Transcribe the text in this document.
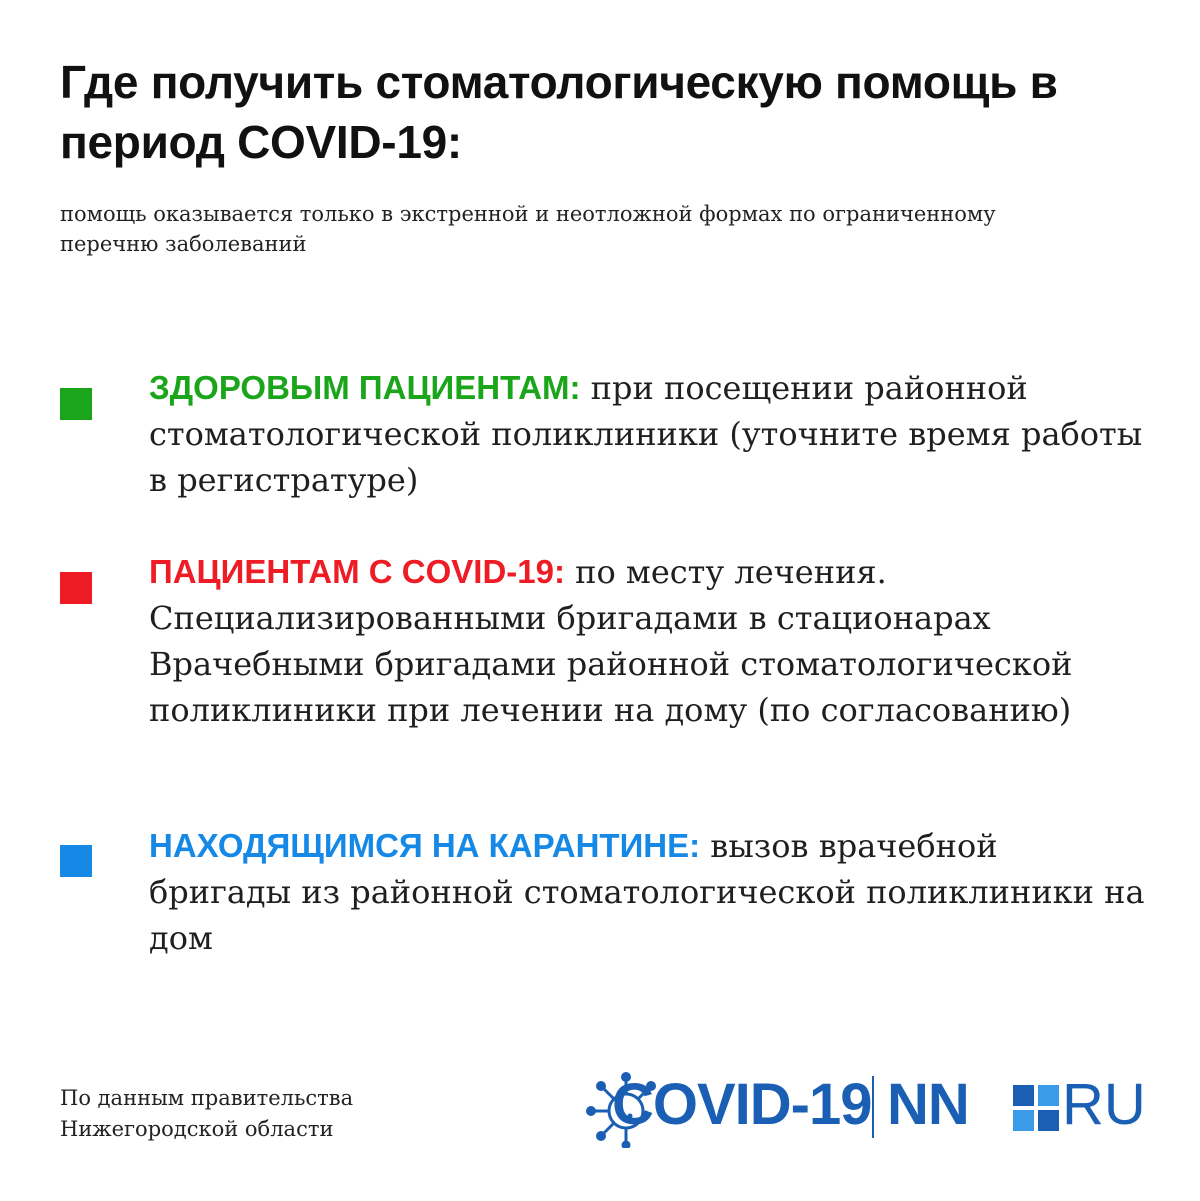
Где получить стоматологическую помощь в период COVID-19:

помощь оказывается только в экстренной и неотложной формах по ограниченному перечню заболеваний

ЗДОРОВЫМ ПАЦИЕНТАМ: при посещении районной стоматологической поликлиники (уточните время работы в регистратуре)

ПАЦИЕНТАМ С COVID-19: по месту лечения. Специализированными бригадами в стационарах Врачебными бригадами районной стоматологической поликлиники при лечении на дому (по согласованию)

НАХОДЯЩИМСЯ НА КАРАНТИНЕ: вызов врачебной бригады из районной стоматологической поликлиники на дом

По данным правительства
Нижегородской области	COVID-19 NN RU
